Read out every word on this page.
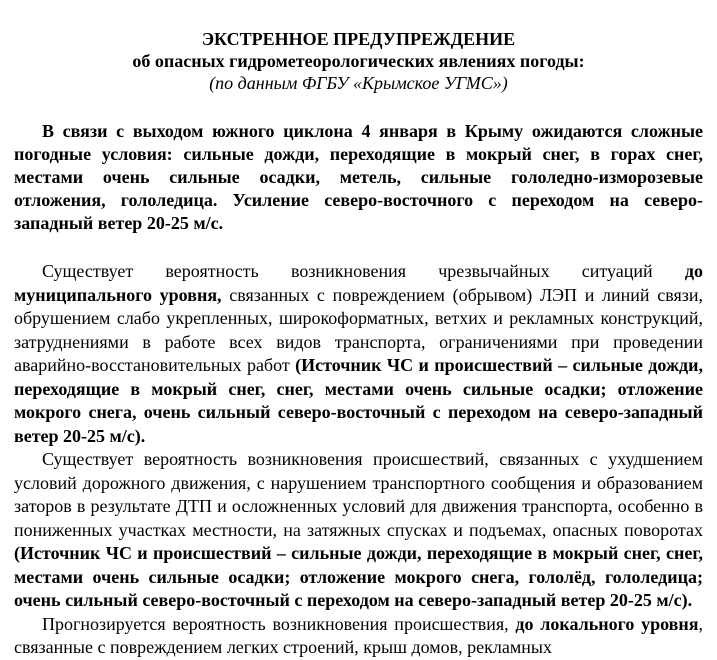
ЭКСТРЕННОЕ ПРЕДУПРЕЖДЕНИЕ
об опасных гидрометеорологических явлениях погоды:
(по данным ФГБУ «Крымское УГМС»)
В связи с выходом южного циклона 4 января в Крыму ожидаются сложные погодные условия: сильные дожди, переходящие в мокрый снег, в горах снег, местами очень сильные осадки, метель, сильные гололедно-изморозевые отложения, гололедица. Усиление северо-восточного с переходом на северо-западный ветер 20-25 м/с.

Существует вероятность возникновения чрезвычайных ситуаций до муниципального уровня, связанных с повреждением (обрывом) ЛЭП и линий связи, обрушением слабо укрепленных, широкоформатных, ветхих и рекламных конструкций, затруднениями в работе всех видов транспорта, ограничениями при проведении аварийно-восстановительных работ (Источник ЧС и происшествий – сильные дожди, переходящие в мокрый снег, снег, местами очень сильные осадки; отложение мокрого снега, очень сильный северо-восточный с переходом на северо-западный ветер 20-25 м/с).

Существует вероятность возникновения происшествий, связанных с ухудшением условий дорожного движения, с нарушением транспортного сообщения и образованием заторов в результате ДТП и осложненных условий для движения транспорта, особенно в пониженных участках местности, на затяжных спусках и подъемах, опасных поворотах (Источник ЧС и происшествий – сильные дожди, переходящие в мокрый снег, снег, местами очень сильные осадки; отложение мокрого снега, гололёд, гололедица; очень сильный северо-восточный с переходом на северо-западный ветер 20-25 м/с).

Прогнозируется вероятность возникновения происшествия, до локального уровня, связанные с повреждением легких строений, крыш домов, рекламных
